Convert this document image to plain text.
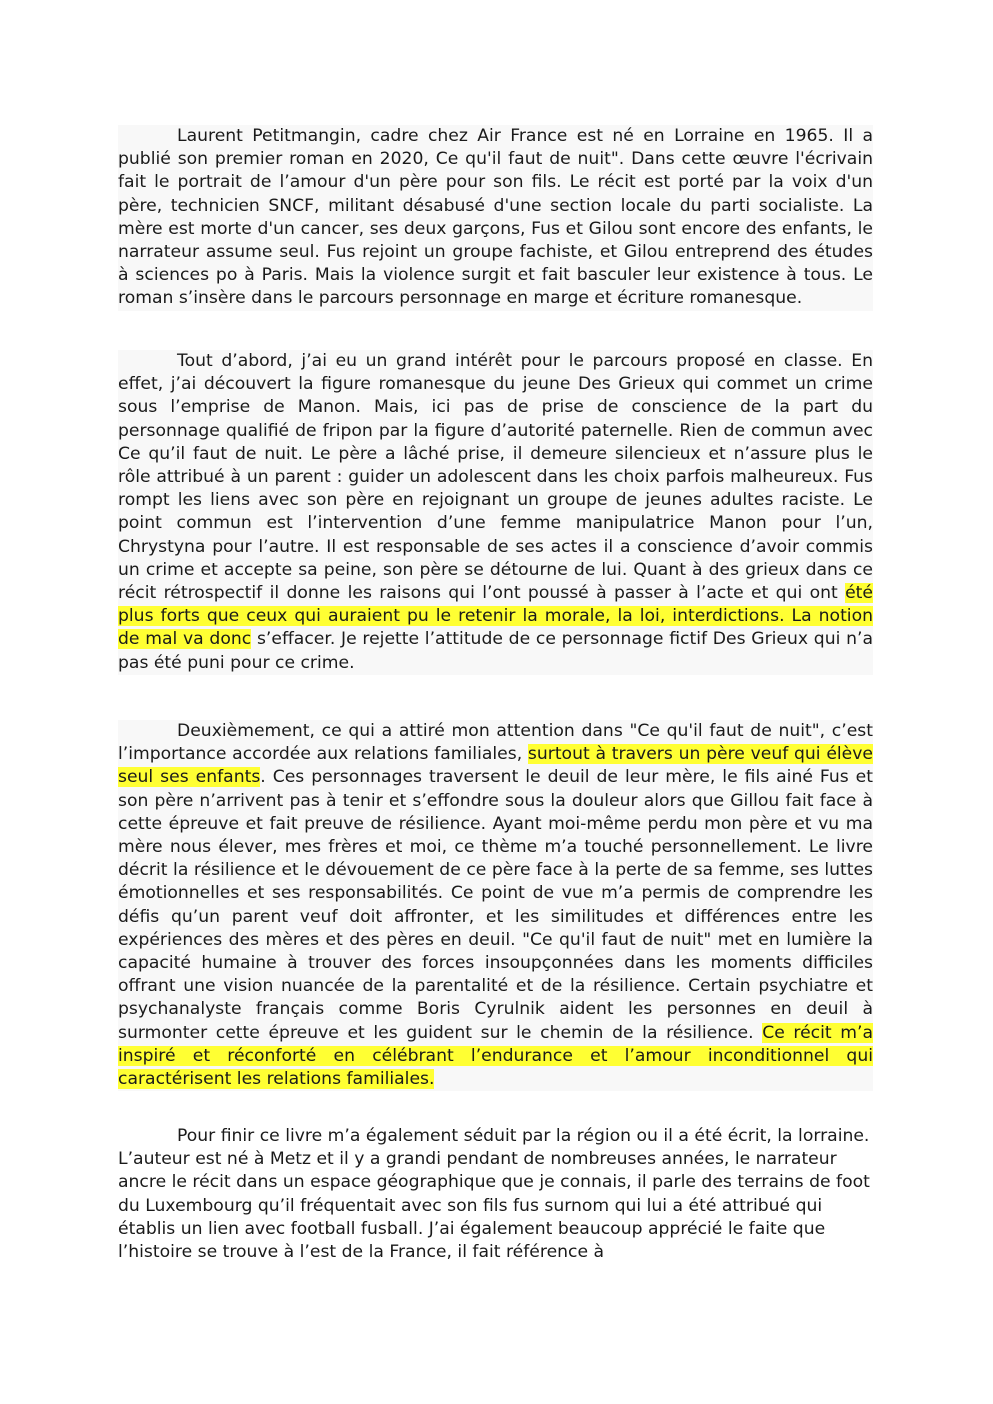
Laurent Petitmangin, cadre chez Air France est né en Lorraine en 1965. Il a publié son premier roman en 2020, Ce qu'il faut de nuit". Dans cette œuvre l'écrivain fait le portrait de l’amour d'un père pour son fils. Le récit est porté par la voix d'un père, technicien SNCF, militant désabusé d'une section locale du parti socialiste. La mère est morte d'un cancer, ses deux garçons, Fus et Gilou sont encore des enfants, le narrateur assume seul. Fus rejoint un groupe fachiste, et Gilou entreprend des études à sciences po à Paris. Mais la violence surgit et fait basculer leur existence à tous. Le roman s’insère dans le parcours personnage en marge et écriture romanesque.

Tout d’abord, j’ai eu un grand intérêt pour le parcours proposé en classe. En effet, j’ai découvert la figure romanesque du jeune Des Grieux qui commet un crime sous l’emprise de Manon. Mais, ici pas de prise de conscience de la part du personnage qualifié de fripon par la figure d’autorité paternelle. Rien de commun avec Ce qu’il faut de nuit. Le père a lâché prise, il demeure silencieux et n’assure plus le rôle attribué à un parent : guider un adolescent dans les choix parfois malheureux. Fus rompt les liens avec son père en rejoignant un groupe de jeunes adultes raciste. Le point commun est l’intervention d’une femme manipulatrice Manon pour l’un, Chrystyna pour l’autre. Il est responsable de ses actes il a conscience d’avoir commis un crime et accepte sa peine, son père se détourne de lui. Quant à des grieux dans ce récit rétrospectif il donne les raisons qui l’ont poussé à passer à l’acte et qui ont été plus forts que ceux qui auraient pu le retenir la morale, la loi, interdictions. La notion de mal va donc s’effacer. Je rejette l’attitude de ce personnage fictif Des Grieux qui n’a pas été puni pour ce crime.

Deuxièmement, ce qui a attiré mon attention dans "Ce qu'il faut de nuit", c’est l’importance accordée aux relations familiales, surtout à travers un père veuf qui élève seul ses enfants. Ces personnages traversent le deuil de leur mère, le fils ainé Fus et son père n’arrivent pas à tenir et s’effondre sous la douleur alors que Gillou fait face à cette épreuve et fait preuve de résilience. Ayant moi-même perdu mon père et vu ma mère nous élever, mes frères et moi, ce thème m’a touché personnellement. Le livre décrit la résilience et le dévouement de ce père face à la perte de sa femme, ses luttes émotionnelles et ses responsabilités. Ce point de vue m’a permis de comprendre les défis qu’un parent veuf doit affronter, et les similitudes et différences entre les expériences des mères et des pères en deuil. "Ce qu'il faut de nuit" met en lumière la capacité humaine à trouver des forces insoupçonnées dans les moments difficiles offrant une vision nuancée de la parentalité et de la résilience. Certain psychiatre et psychanalyste français comme Boris Cyrulnik aident les personnes en deuil à surmonter cette épreuve et les guident sur le chemin de la résilience. Ce récit m’a inspiré et réconforté en célébrant l’endurance et l’amour inconditionnel qui caractérisent les relations familiales.

Pour finir ce livre m’a également séduit par la région ou il a été écrit, la lorraine. L’auteur est né à Metz et il y a grandi pendant de nombreuses années, le narrateur ancre le récit dans un espace géographique que je connais, il parle des terrains de foot du Luxembourg qu’il fréquentait avec son fils fus surnom qui lui a été attribué qui établis un lien avec football fusball. J’ai également beaucoup apprécié le faite que l’histoire se trouve à l’est de la France, il fait référence à
